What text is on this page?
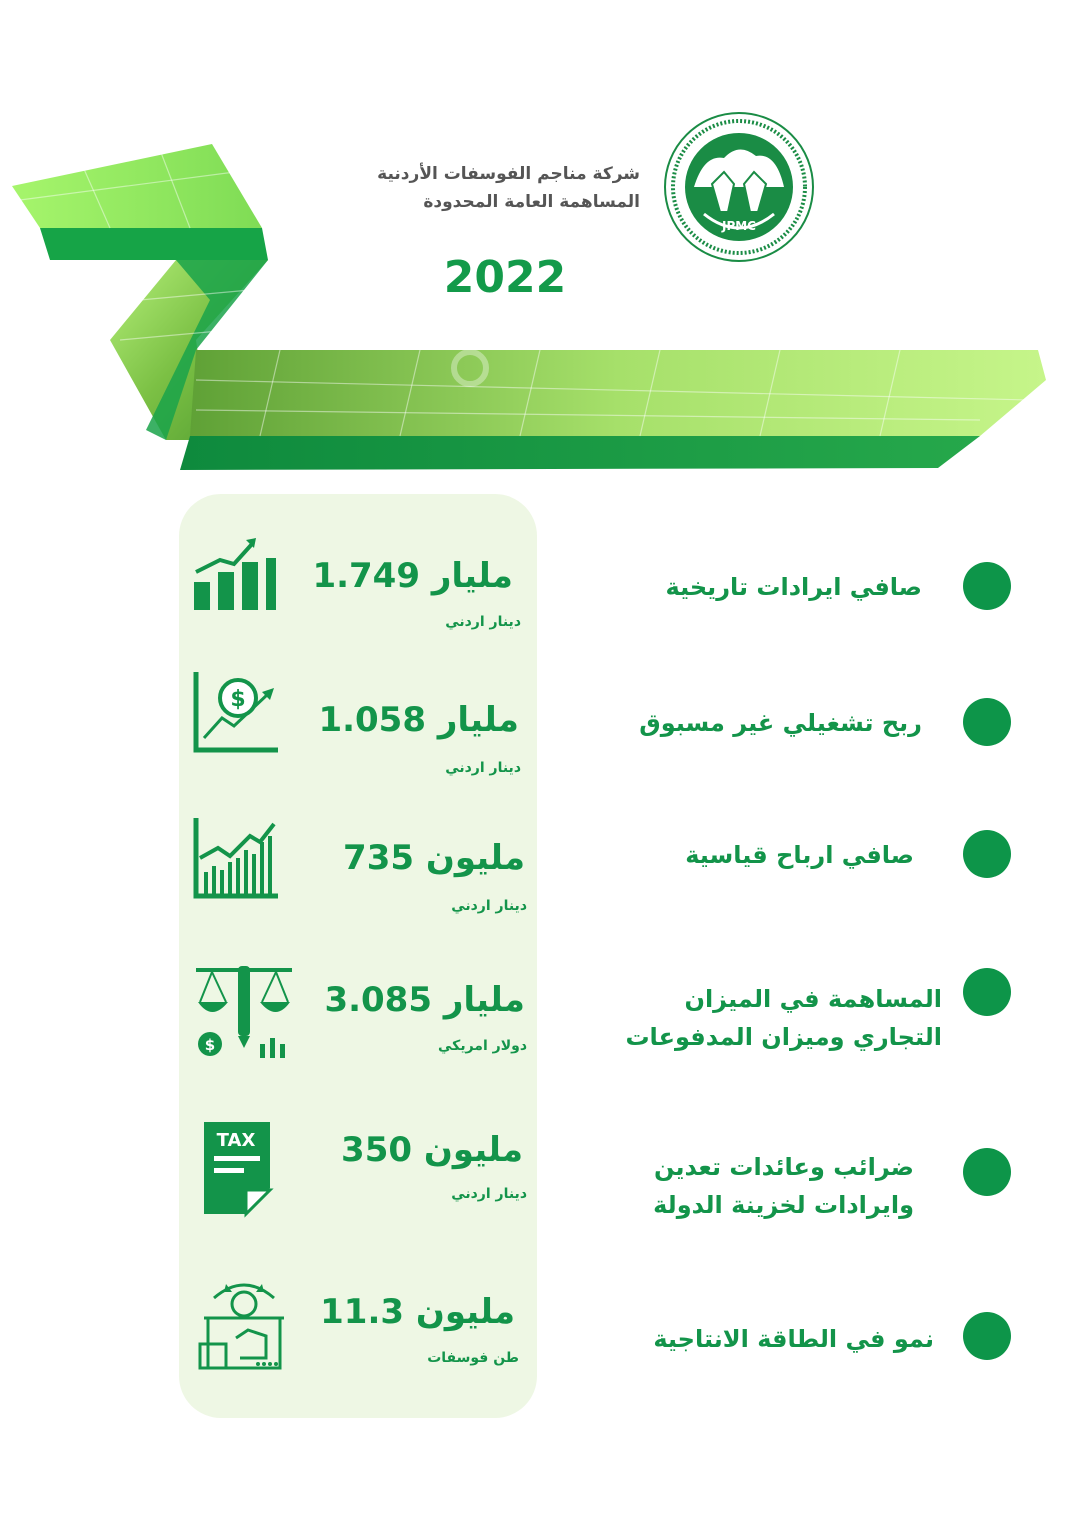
JPMC
شركة مناجم الفوسفات الأردنية
المساهمة العامة المحدودة
2022
$
$
TAX
مليار 1.749
دينار اردني
مليار 1.058
دينار اردني
مليون 735
دينار اردني
مليار 3.085
دولار امريكي
مليون 350
دينار اردني
مليون 11.3
طن فوسفات
صافي ايرادات تاريخية
ربح تشغيلي غير مسبوق
صافي ارباح قياسية
المساهمة في الميزان
التجاري وميزان المدفوعات
ضرائب وعائدات تعدين
وايرادات لخزينة الدولة
نمو في الطاقة الانتاجية
